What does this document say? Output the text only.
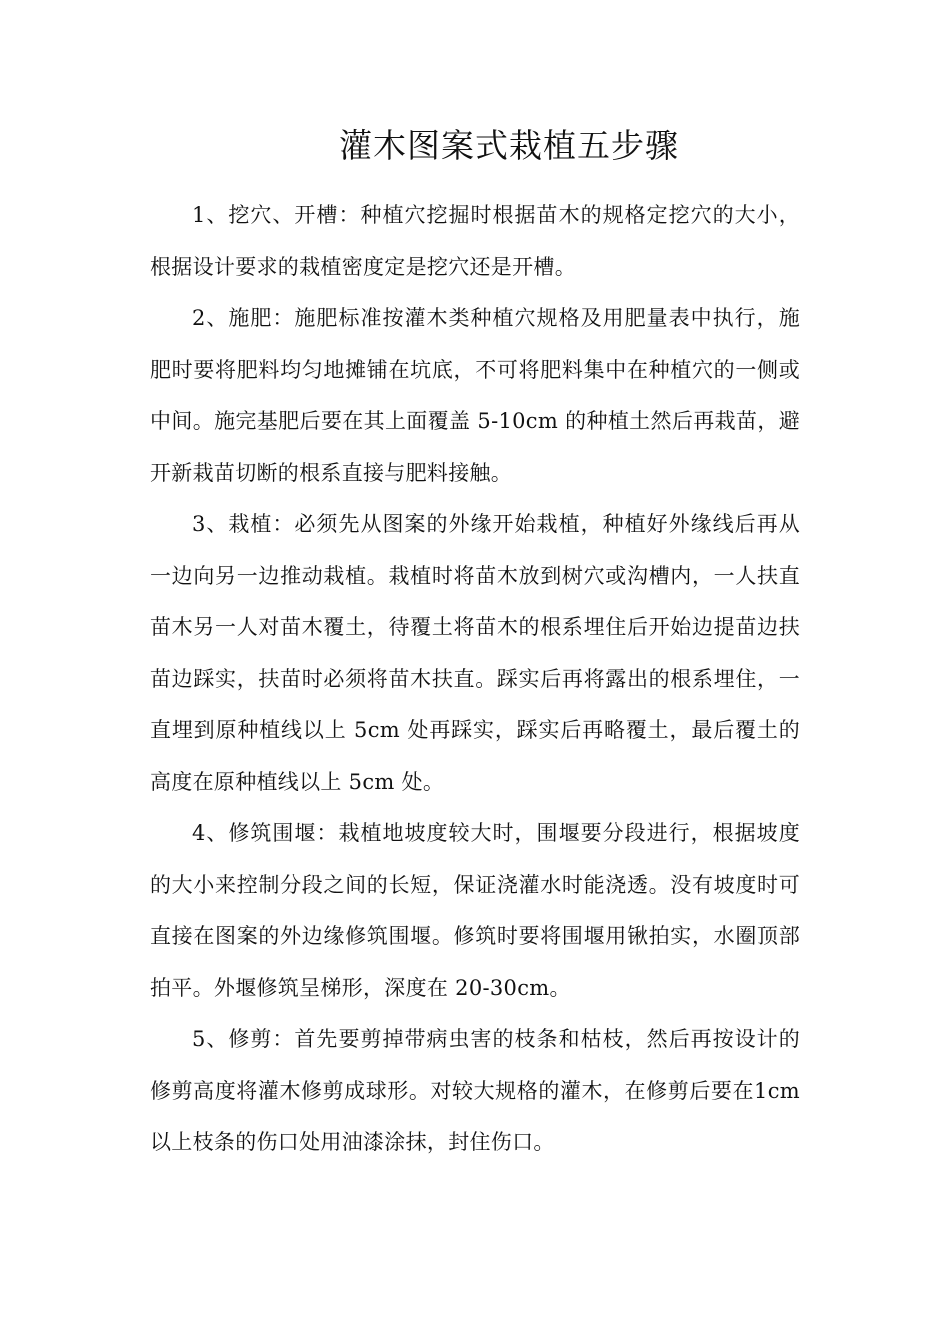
灌木图案式栽植五步骤

1、挖穴、开槽：种植穴挖掘时根据苗木的规格定挖穴的大小，根据设计要求的栽植密度定是挖穴还是开槽。

2、施肥：施肥标准按灌木类种植穴规格及用肥量表中执行，施肥时要将肥料均匀地摊铺在坑底，不可将肥料集中在种植穴的一侧或中间。施完基肥后要在其上面覆盖 5-10cm 的种植土然后再栽苗，避开新栽苗切断的根系直接与肥料接触。

3、栽植：必须先从图案的外缘开始栽植，种植好外缘线后再从一边向另一边推动栽植。栽植时将苗木放到树穴或沟槽内，一人扶直苗木另一人对苗木覆土，待覆土将苗木的根系埋住后开始边提苗边扶苗边踩实，扶苗时必须将苗木扶直。踩实后再将露出的根系埋住，一直埋到原种植线以上 5cm 处再踩实，踩实后再略覆土，最后覆土的高度在原种植线以上 5cm 处。

4、修筑围堰：栽植地坡度较大时，围堰要分段进行，根据坡度的大小来控制分段之间的长短，保证浇灌水时能浇透。没有坡度时可直接在图案的外边缘修筑围堰。修筑时要将围堰用锹拍实，水圈顶部拍平。外堰修筑呈梯形，深度在 20-30cm。

5、修剪：首先要剪掉带病虫害的枝条和枯枝，然后再按设计的修剪高度将灌木修剪成球形。对较大规格的灌木，在修剪后要在1cm 以上枝条的伤口处用油漆涂抹，封住伤口。
